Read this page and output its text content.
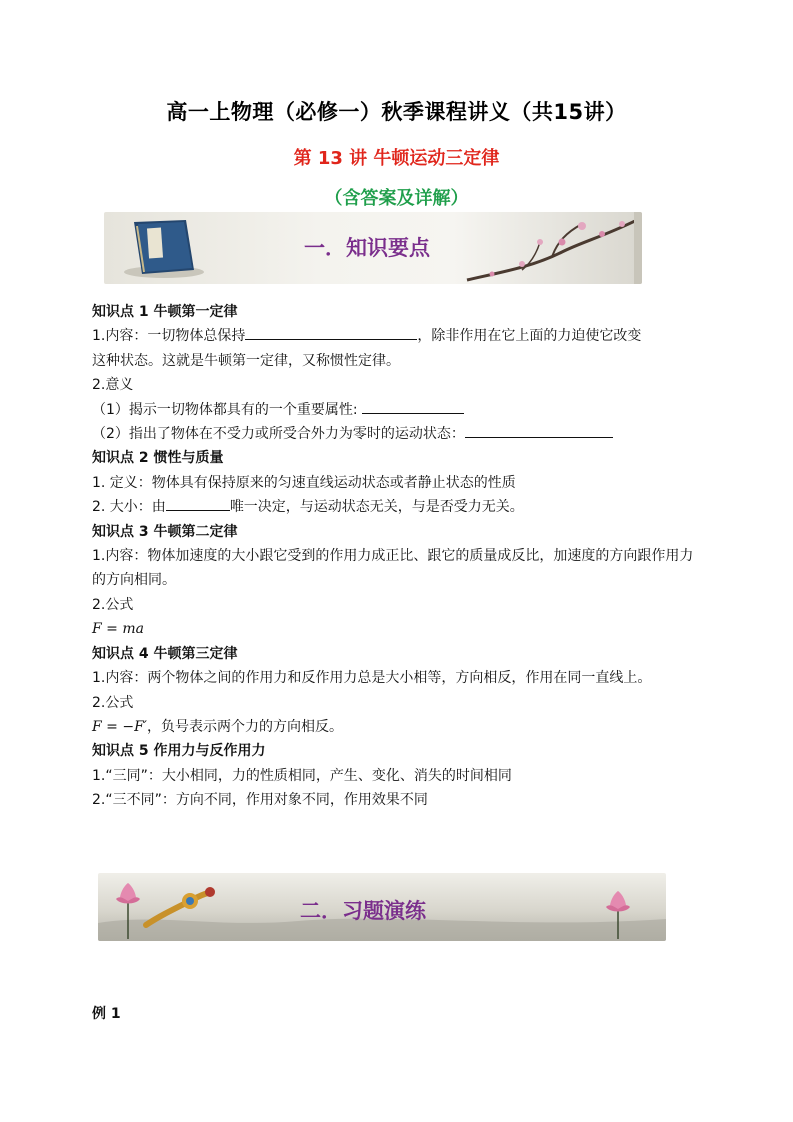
高一上物理（必修一）秋季课程讲义（共15讲）
第 13 讲 牛顿运动三定律
（含答案及详解）
一．知识要点

知识点 1 牛顿第一定律

1.内容：一切物体总保持	，除非作用在它上面的力迫使它改变

这种状态。这就是牛顿第一定律，又称惯性定律。

2.意义

（1）揭示一切物体都具有的一个重要属性:

（2）指出了物体在不受力或所受合外力为零时的运动状态：

知识点 2 惯性与质量

1. 定义：物体具有保持原来的匀速直线运动状态或者静止状态的性质

2. 大小：由	唯一决定，与运动状态无关，与是否受力无关。

知识点 3 牛顿第二定律

1.内容：物体加速度的大小跟它受到的作用力成正比、跟它的质量成反比，加速度的方向跟作用力的方向相同。

2.公式

F = ma

知识点 4 牛顿第三定律

1.内容：两个物体之间的作用力和反作用力总是大小相等，方向相反，作用在同一直线上。

2.公式

F = −F′，负号表示两个力的方向相反。

知识点 5 作用力与反作用力

1.“三同”：大小相同，力的性质相同，产生、变化、消失的时间相同

2.“三不同”：方向不同，作用对象不同，作用效果不同

二．习题演练
例 1
